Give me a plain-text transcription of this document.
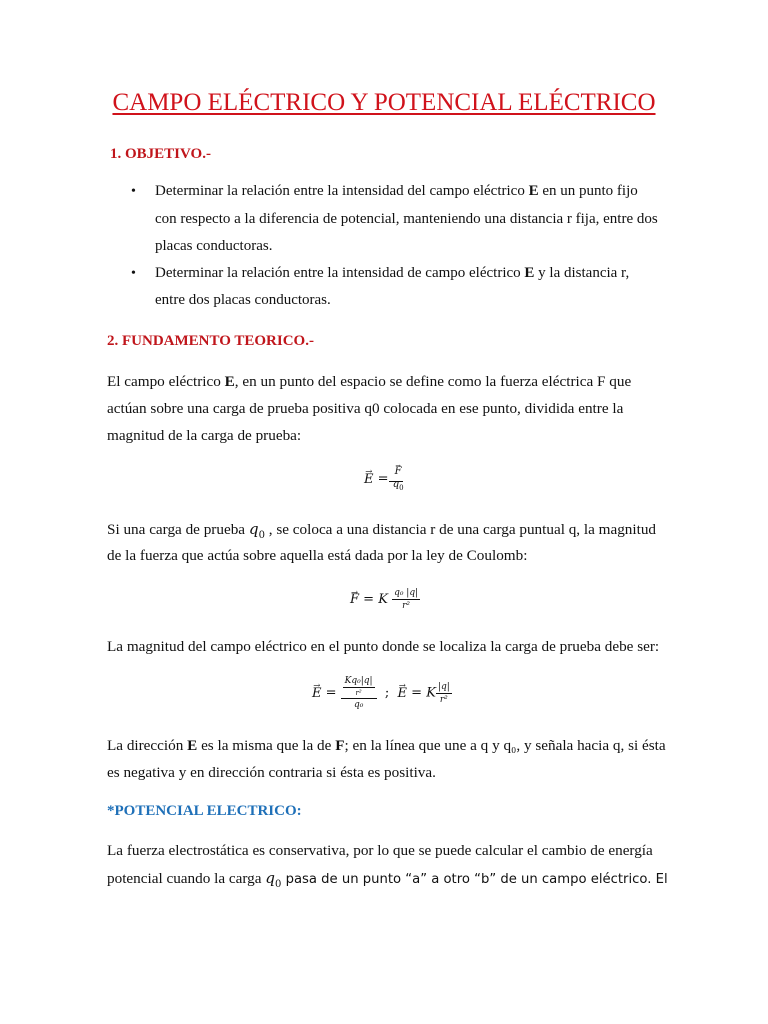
CAMPO ELÉCTRICO Y POTENCIAL ELÉCTRICO
1. OBJETIVO.-
• Determinar la relación entre la intensidad del campo eléctrico E en un punto fijo
con respecto a la diferencia de potencial, manteniendo una distancia r fija, entre dos
placas conductoras.
• Determinar la relación entre la intensidad de campo eléctrico E y la distancia r,
entre dos placas conductoras.
2. FUNDAMENTO TEORICO.-
El campo eléctrico E, en un punto del espacio se define como la fuerza eléctrica F que
actúan sobre una carga de prueba positiva q0 colocada en ese punto, dividida entre la
magnitud de la carga de prueba:
→ E =
→ F
$q_0$
Si una carga de prueba $q_0$ , se coloca a una distancia r de una carga puntual q, la magnitud
de la fuerza que actúa sobre aquella está dada por la ley de Coulomb:
→ F = K $\frac{\text{q₀ |q|}}{\text{r²}}$
La magnitud del campo eléctrico en el punto donde se localiza la carga de prueba debe ser:
→ $E = \frac{\frac{\text{Kq₀|q|}}{\text{r²}}}{\text{q₀}}$ ;  → E = K $\frac{|q|}{\text{r²}}$
La dirección E es la misma que la de F; en la línea que une a q y q₀, y señala hacia q, si ésta
es negativa y en dirección contraria si ésta es positiva.
*POTENCIAL ELECTRICO:
La fuerza electrostática es conservativa, por lo que se puede calcular el cambio de energía
potencial cuando la carga $q_0$ pasa de un punto “a” a otro “b” de un campo eléctrico. El
